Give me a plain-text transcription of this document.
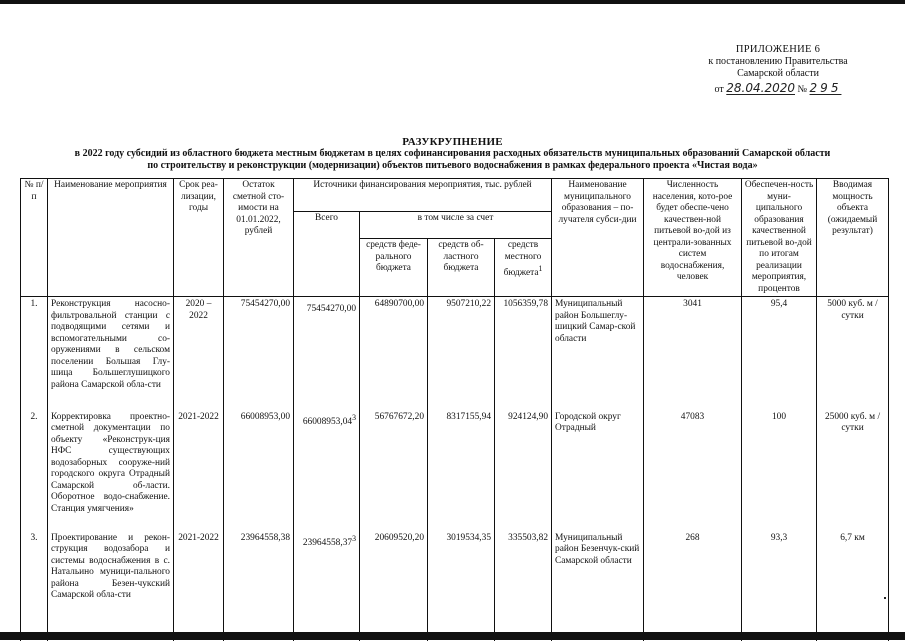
ПРИЛОЖЕНИЕ 6
к постановлению Правительства
Самарской области
от 28.04.2020 № 295
РАЗУКРУПНЕНИЕ
в 2022 году субсидий из областного бюджета местным бюджетам в целях софинансирования расходных обязательств муниципальных образований Самарской области
по строительству и реконструкции (модернизации) объектов питьевого водоснабжения в рамках федерального проекта «Чистая вода»
№ п/п	Наименование мероприятия	Срок реа-лизации, годы	Остаток сметной сто-имости на 01.01.2022, рублей	Источники финансирования мероприятия, тыс. рублей				Наименование муниципального образования – по-лучателя субси-дии	Численность населения, кото-рое будет обеспе-чено качествен-ной питьевой во-дой из централи-зованных систем водоснабжения, человек	Обеспечен-ность муни-ципального образования качественной питьевой во-дой по итогам реализации мероприятия, процентов	Вводимая мощность объекта (ожидаемый результат)
				Всего	в том числе за счет						
					средств феде-рального бюджета	средств об-ластного бюджета	средств местного бюджета$^1$
1.	Реконструкция насосно-фильтровальной станции с подводящими сетями и вспомогательными со-оружениями в сельском поселении Большая Глу-шица Большеглушицкого района Самарской обла-сти	2020 – 2022	75454270,00	75454270,00	64890700,00	9507210,22	1056359,78	Муниципальный район Большеглу-шицкий Самар-ской области	3041	95,4	5000 куб. м / сутки
2.	Корректировка проектно-сметной документации по объекту «Реконструк-ция НФС существующих водозаборных сооруже-ний городского округа Отрадный Самарской об-ласти. Оборотное водо-снабжение. Станция умягчения»	2021-2022	66008953,00	66008953,04$^3$	56767672,20	8317155,94	924124,90	Городской округ Отрадный	47083	100	25000 куб. м / сутки
3.	Проектирование и рекон-струкция водозабора и системы водоснабжения в с. Натальино муници-пального района Безен-чукский Самарской обла-сти	2021-2022	23964558,38	23964558,37$^3$	20609520,20	3019534,35	335503,82	Муниципальный район Безенчук-ский Самарской области	268	93,3	6,7 км
